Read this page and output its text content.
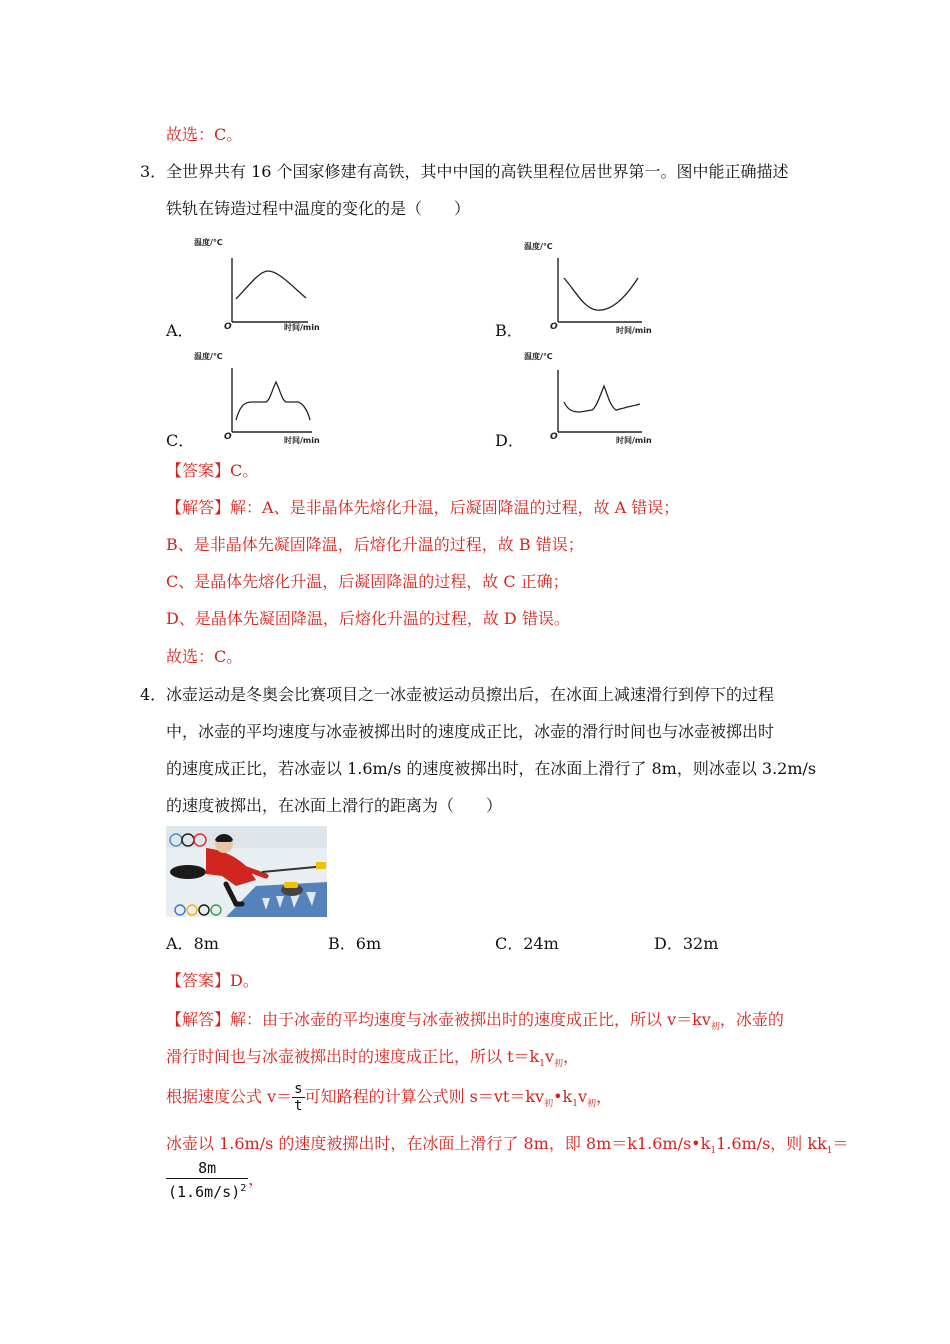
故选：C。
3． 全世界共有 16 个国家修建有高铁，其中中国的高铁里程位居世界第一。图中能正确描述
铁轨在铸造过程中温度的变化的是（　　）
A．
温度/℃
O	时间/min	B．
温度/℃
O	时间/min
C．
温度/℃
O	时间/min	D．
温度/℃
O	时间/min
【答案】C。
【解答】解：A、是非晶体先熔化升温，后凝固降温的过程，故 A 错误；
B、是非晶体先凝固降温，后熔化升温的过程，故 B 错误；
C、是晶体先熔化升温，后凝固降温的过程，故 C 正确；
D、是晶体先凝固降温，后熔化升温的过程，故 D 错误。
故选：C。
4． 冰壶运动是冬奥会比赛项目之一冰壶被运动员擦出后，在冰面上减速滑行到停下的过程
中，冰壶的平均速度与冰壶被掷出时的速度成正比，冰壶的滑行时间也与冰壶被掷出时
的速度成正比，若冰壶以 1.6m/s 的速度被掷出时，在冰面上滑行了 8m，则冰壶以 3.2m/s
的速度被掷出，在冰面上滑行的距离为（　　）
A．8m	B．6m	C．24m	D．32m
【答案】D。
【解答】解：由于冰壶的平均速度与冰壶被掷出时的速度成正比，所以 $v=kv_初$，冰壶的
滑行时间也与冰壶被掷出时的速度成正比，所以 $t=k_1v_初$，
根据速度公式 $v= \frac{s}{t}$ 可知路程的计算公式则 $s=vt=kv_初•k_1v_初$，
冰壶以 1.6m/s 的速度被掷出时，在冰面上滑行了 8m，即 $8m=k1.6m/s•k_11.6m/s$，则 $kk_1=$
$\frac{8m}{(1.6m/s)^2}$ ，
